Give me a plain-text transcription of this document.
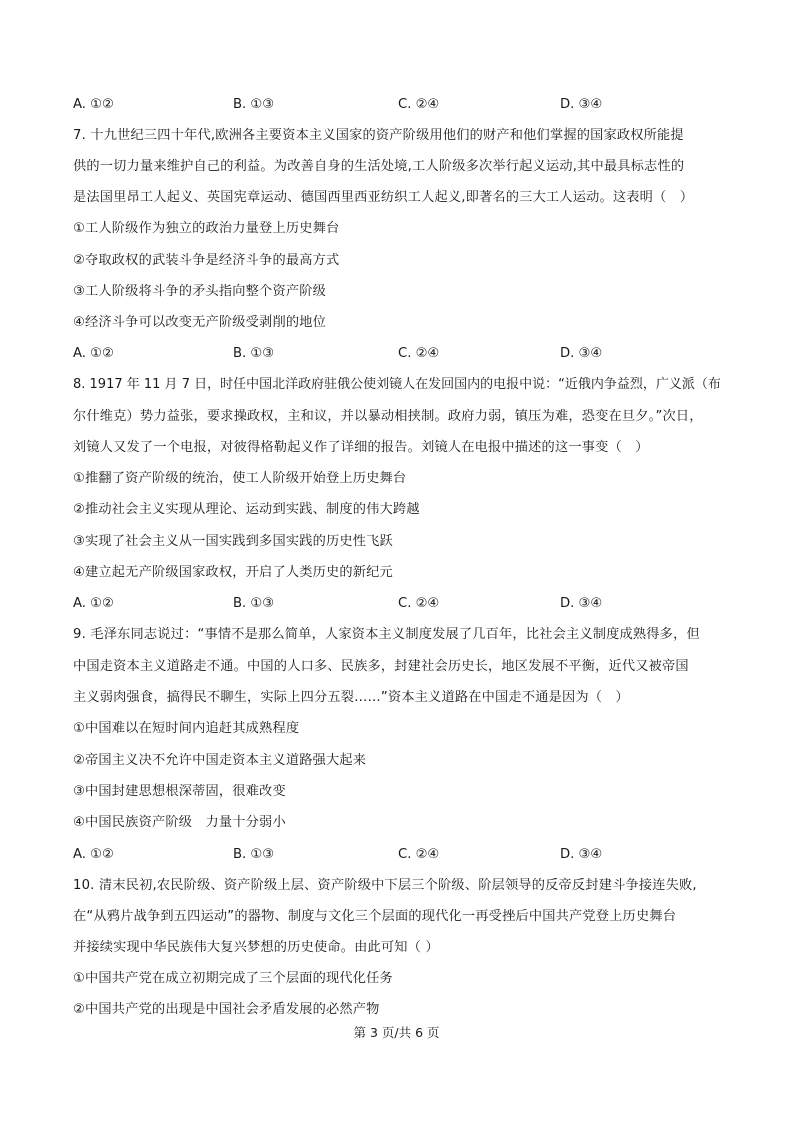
A. ①②	B. ①③	C. ②④	D. ③④
7. 十九世纪三四十年代,欧洲各主要资本主义国家的资产阶级用他们的财产和他们掌握的国家政权所能提
供的一切力量来维护自己的利益。为改善自身的生活处境,工人阶级多次举行起义运动,其中最具标志性的
是法国里昂工人起义、英国宪章运动、德国西里西亚纺织工人起义,即著名的三大工人运动。这表明（　）
①工人阶级作为独立的政治力量登上历史舞台
②夺取政权的武装斗争是经济斗争的最高方式
③工人阶级将斗争的矛头指向整个资产阶级
④经济斗争可以改变无产阶级受剥削的地位
A. ①②	B. ①③	C. ②④	D. ③④
8. 1917 年 11 月 7 日，时任中国北洋政府驻俄公使刘镜人在发回国内的电报中说：“近俄内争益烈，广义派（布
尔什维克）势力益张，要求操政权，主和议，并以暴动相挟制。政府力弱，镇压为难，恐变在旦夕。”次日，
刘镜人又发了一个电报，对彼得格勒起义作了详细的报告。刘镜人在电报中描述的这一事变（　）
①推翻了资产阶级的统治，使工人阶级开始登上历史舞台
②推动社会主义实现从理论、运动到实践、制度的伟大跨越
③实现了社会主义从一国实践到多国实践的历史性飞跃
④建立起无产阶级国家政权，开启了人类历史的新纪元
A. ①②	B. ①③	C. ②④	D. ③④
9. 毛泽东同志说过：“事情不是那么简单，人家资本主义制度发展了几百年，比社会主义制度成熟得多，但
中国走资本主义道路走不通。中国的人口多、民族多，封建社会历史长，地区发展不平衡，近代又被帝国
主义弱肉强食，搞得民不聊生，实际上四分五裂……”资本主义道路在中国走不通是因为（　）
①中国难以在短时间内追赶其成熟程度
②帝国主义决不允许中国走资本主义道路强大起来
③中国封建思想根深蒂固，很难改变
④中国民族资产阶级　力量十分弱小
A. ①②	B. ①③	C. ②④	D. ③④
10. 清末民初,农民阶级、资产阶级上层、资产阶级中下层三个阶级、阶层领导的反帝反封建斗争接连失败,
在“从鸦片战争到五四运动”的器物、制度与文化三个层面的现代化一再受挫后中国共产党登上历史舞台
并接续实现中华民族伟大复兴梦想的历史使命。由此可知（ ）
①中国共产党在成立初期完成了三个层面的现代化任务
②中国共产党的出现是中国社会矛盾发展的必然产物
第 3 页/共 6 页
